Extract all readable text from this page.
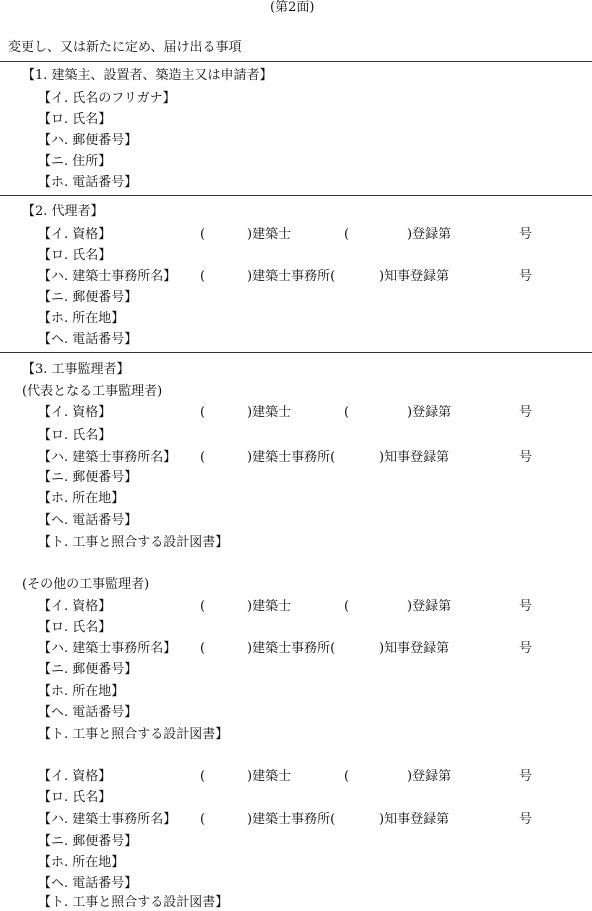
(第2面)
変更し、又は新たに定め、届け出る事項
【1. 建築主、設置者、築造主又は申請者】
【イ. 氏名のフリガナ】
【ロ. 氏名】
【ハ. 郵便番号】
【ニ. 住所】
【ホ. 電話番号】
【2. 代理者】
【イ. 資格】	(	)建築士	(	)登録第	号
【ロ. 氏名】
【ハ. 建築士事務所名】 (	)建築士事務所(	)知事登録第	号
【ニ. 郵便番号】
【ホ. 所在地】
【ヘ. 電話番号】
【3. 工事監理者】
(代表となる工事監理者)
【イ. 資格】	(	)建築士	(	)登録第	号
【ロ. 氏名】
【ハ. 建築士事務所名】 (	)建築士事務所(	)知事登録第	号
【ニ. 郵便番号】
【ホ. 所在地】
【ヘ. 電話番号】
【ト. 工事と照合する設計図書】
(その他の工事監理者)
【イ. 資格】	(	)建築士	(	)登録第	号
【ロ. 氏名】
【ハ. 建築士事務所名】 (	)建築士事務所(	)知事登録第	号
【ニ. 郵便番号】
【ホ. 所在地】
【ヘ. 電話番号】
【ト. 工事と照合する設計図書】
【イ. 資格】	(	)建築士	(	)登録第	号
【ロ. 氏名】
【ハ. 建築士事務所名】 (	)建築士事務所(	)知事登録第	号
【ニ. 郵便番号】
【ホ. 所在地】
【ヘ. 電話番号】
【ト. 工事と照合する設計図書】
